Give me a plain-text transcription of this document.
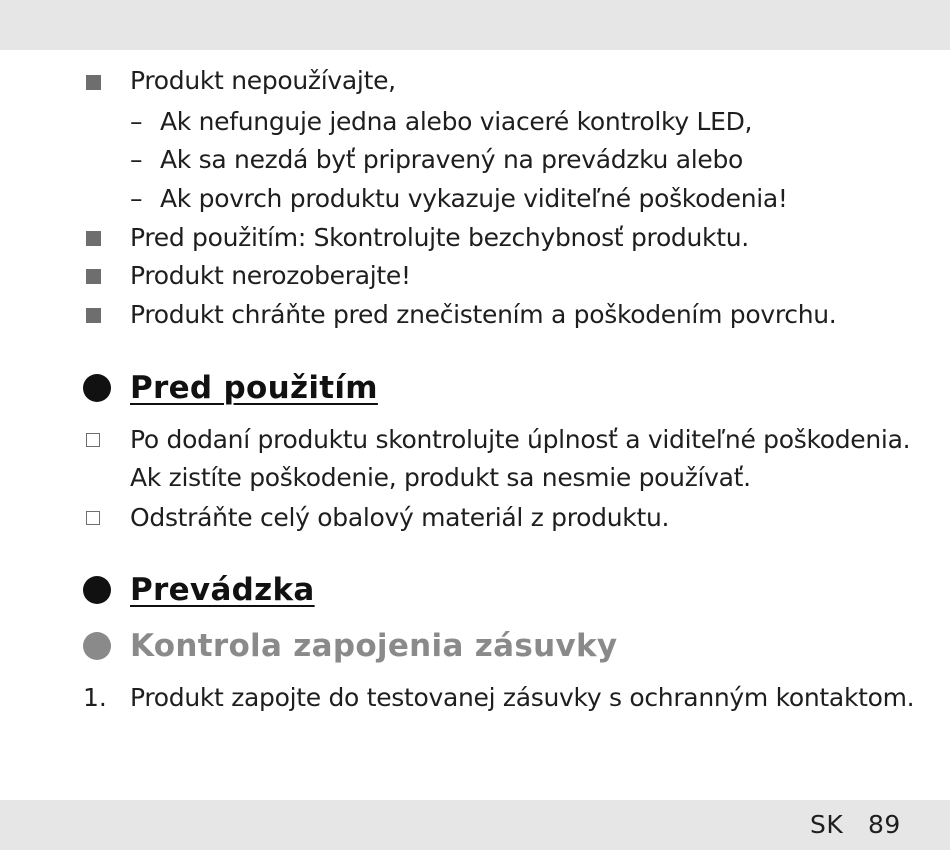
Produkt nepoužívajte,
– Ak nefunguje jedna alebo viaceré kontrolky LED,
– Ak sa nezdá byť pripravený na prevádzku alebo
– Ak povrch produktu vykazuje viditeľné poškodenia!
Pred použitím: Skontrolujte bezchybnosť produktu.
Produkt nerozoberajte!
Produkt chráňte pred znečistením a poškodením povrchu.
Pred použitím
Po dodaní produktu skontrolujte úplnosť a viditeľné poškodenia.
Ak zistíte poškodenie, produkt sa nesmie používať.
Odstráňte celý obalový materiál z produktu.
Prevádzka
Kontrola zapojenia zásuvky
1. Produkt zapojte do testovanej zásuvky s ochranným kontaktom.
SK 89
